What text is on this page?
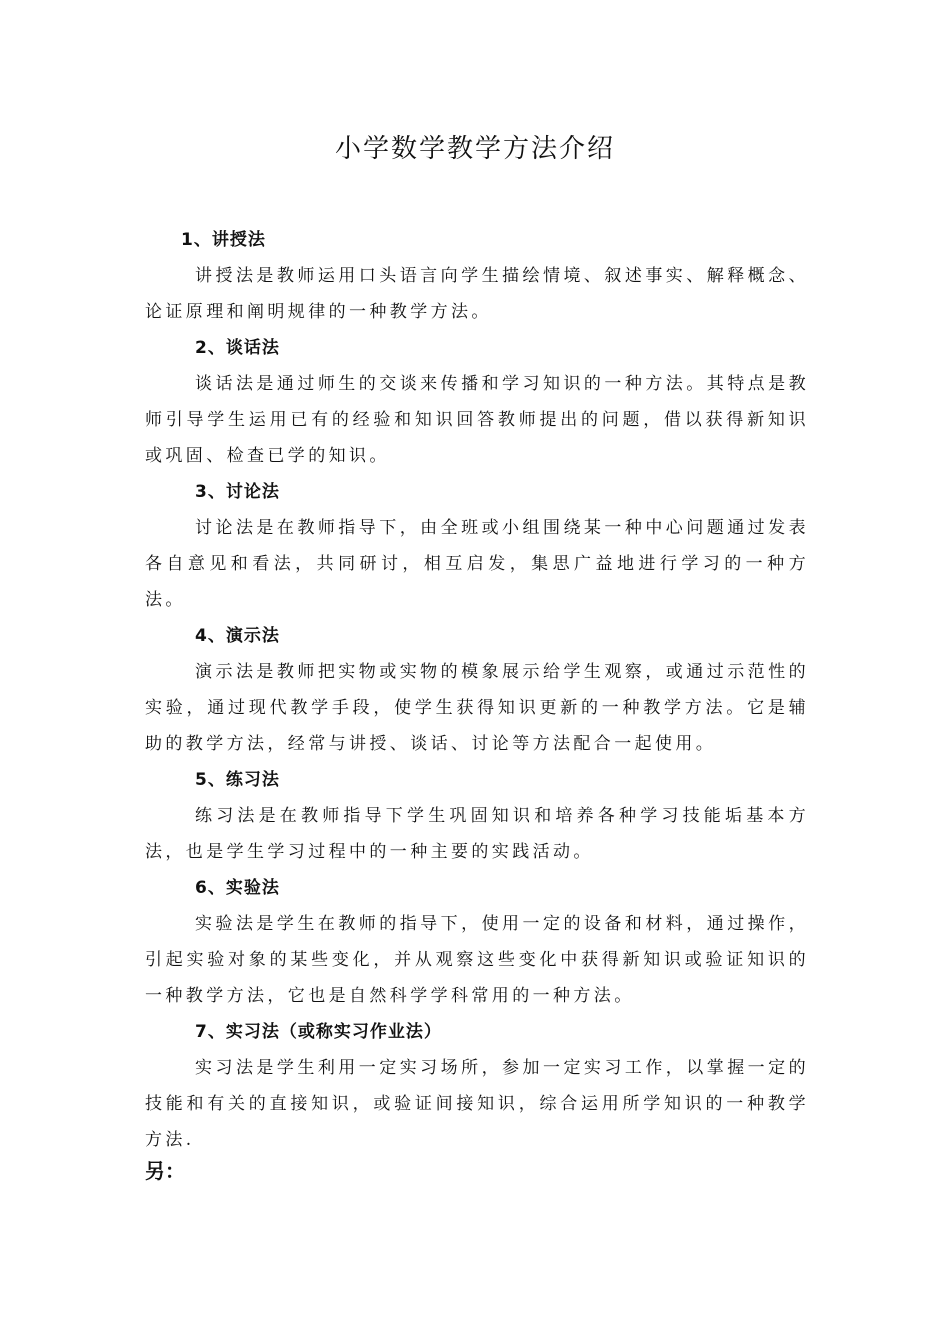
小学数学教学方法介绍

1、讲授法

讲授法是教师运用口头语言向学生描绘情境、叙述事实、解释概念、论证原理和阐明规律的一种教学方法。

2、谈话法

谈话法是通过师生的交谈来传播和学习知识的一种方法。其特点是教师引导学生运用已有的经验和知识回答教师提出的问题，借以获得新知识或巩固、检查已学的知识。

3、讨论法

讨论法是在教师指导下，由全班或小组围绕某一种中心问题通过发表各自意见和看法，共同研讨，相互启发，集思广益地进行学习的一种方法。

4、演示法

演示法是教师把实物或实物的模象展示给学生观察，或通过示范性的实验，通过现代教学手段，使学生获得知识更新的一种教学方法。它是辅助的教学方法，经常与讲授、谈话、讨论等方法配合一起使用。

5、练习法

练习法是在教师指导下学生巩固知识和培养各种学习技能垢基本方法，也是学生学习过程中的一种主要的实践活动。

6、实验法

实验法是学生在教师的指导下，使用一定的设备和材料，通过操作，引起实验对象的某些变化，并从观察这些变化中获得新知识或验证知识的一种教学方法，它也是自然科学学科常用的一种方法。

7、实习法（或称实习作业法）

实习法是学生利用一定实习场所，参加一定实习工作，以掌握一定的技能和有关的直接知识，或验证间接知识，综合运用所学知识的一种教学方法.

另：
